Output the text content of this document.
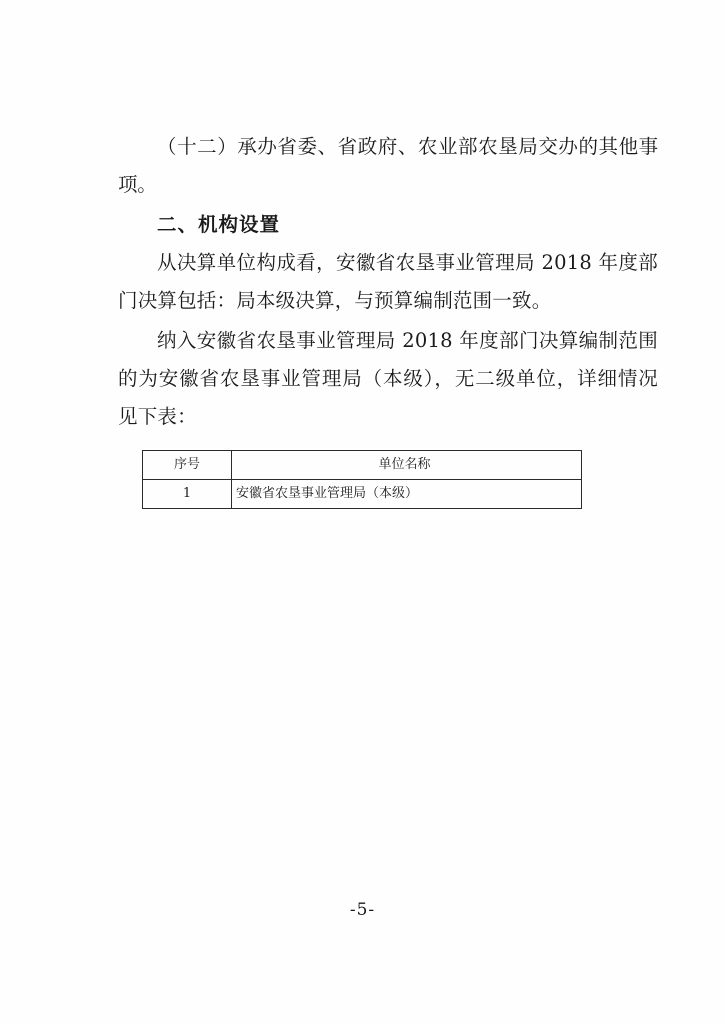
（十二）承办省委、省政府、农业部农垦局交办的其他事项。

二、机构设置

从决算单位构成看，安徽省农垦事业管理局 2018 年度部门决算包括：局本级决算，与预算编制范围一致。

纳入安徽省农垦事业管理局 2018 年度部门决算编制范围的为安徽省农垦事业管理局（本级），无二级单位，详细情况见下表：

序号	单位名称
1	安徽省农垦事业管理局（本级）
-5-
